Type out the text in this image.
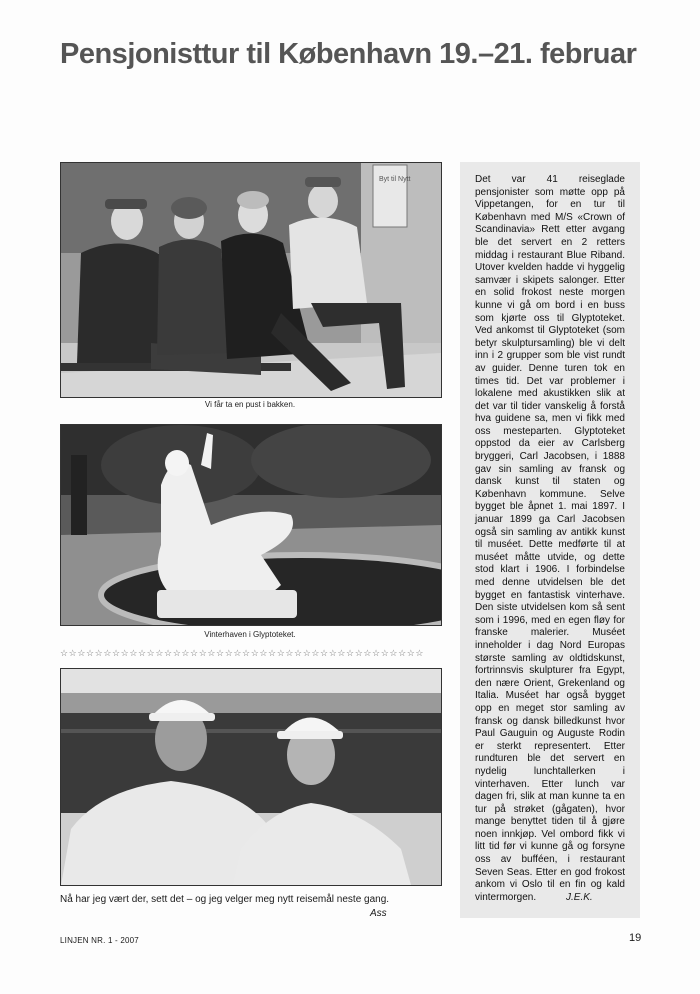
Pensjonisttur til København 19.–21. februar
Byt til Nytt
Vi får ta en pust i bakken.
Vinterhaven i Glyptoteket.
☆☆☆☆☆☆☆☆☆☆☆☆☆☆☆☆☆☆☆☆☆☆☆☆☆☆☆☆☆☆☆☆☆☆☆☆☆☆☆☆☆☆
Nå har jeg vært der, sett det – og jeg velger meg nytt reisemål neste gang.
Ass
Det var 41 reiseglade pensjonister som møtte opp på Vippetangen, for en tur til København med M/S «Crown of Scandinavia» Rett etter avgang ble det servert en 2 retters middag i restaurant Blue Riband. Utover kvelden hadde vi hyggelig samvær i skipets salonger. Etter en solid frokost neste morgen kunne vi gå om bord i en buss som kjørte oss til Glyptoteket. Ved ankomst til Glyptoteket (som betyr skulptursamling) ble vi delt inn i 2 grupper som ble vist rundt av guider. Denne turen tok en times tid. Det var problemer i lokalene med akustikken slik at det var til tider vanskelig å forstå hva guidene sa, men vi fikk med oss mesteparten. Glyptoteket oppstod da eier av Carlsberg bryggeri, Carl Jacobsen, i 1888 gav sin samling av fransk og dansk kunst til staten og København kommune. Selve bygget ble åpnet 1. mai 1897. I januar 1899 ga Carl Jacobsen også sin samling av antikk kunst til muséet. Dette medførte til at muséet måtte utvide, og dette stod klart i 1906. I forbindelse med denne utvidelsen ble det bygget en fantastisk vinterhave. Den siste utvidelsen kom så sent som i 1996, med en egen fløy for franske malerier. Muséet inneholder i dag Nord Europas største samling av oldtidskunst, fortrinnsvis skulpturer fra Egypt, den nære Orient, Grekenland og Italia. Muséet har også bygget opp en meget stor samling av fransk og dansk billedkunst hvor Paul Gauguin og Auguste Rodin er sterkt representert. Etter rundturen ble det servert en nydelig lunchtallerken i vinterhaven. Etter lunch var dagen fri, slik at man kunne ta en tur på strøket (gågaten), hvor mange benyttet tiden til å gjøre noen innkjøp. Vel ombord fikk vi litt tid før vi kunne gå og forsyne oss av bufféen, i restaurant Seven Seas. Etter en god frokost ankom vi Oslo til en fin og kald vintermorgen.	J.E.K.
LINJEN NR. 1 - 2007	19
